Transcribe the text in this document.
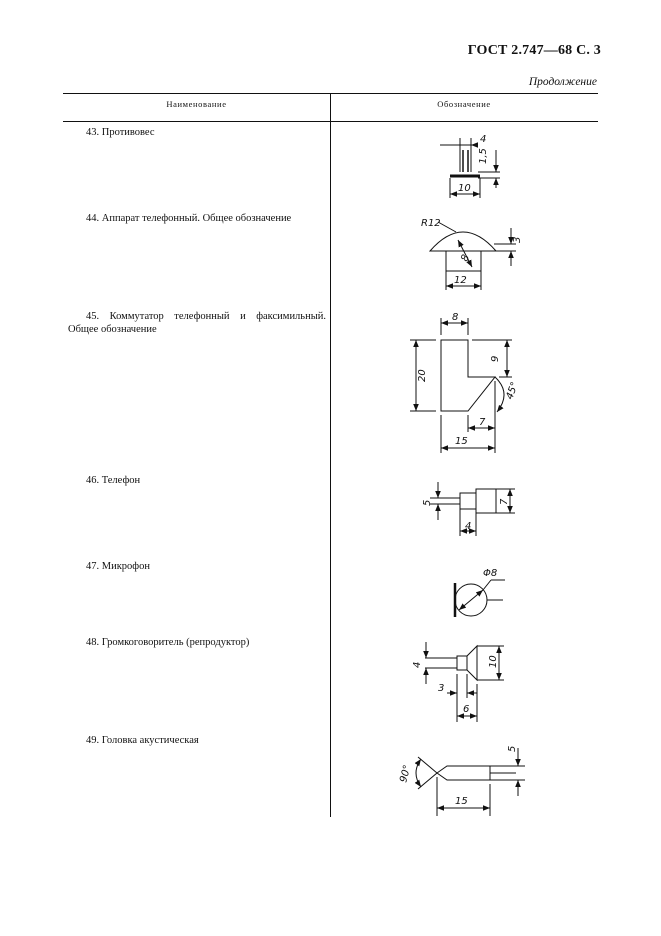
ГОСТ 2.747—68 С. 3
Продолжение
Наименование	Обозначение
43. Противовес
44. Аппарат телефонный. Общее обозначение
45. Коммутатор телефонный и факсимильный.
Общее обозначение
46. Телефон
47. Микрофон
48. Громкоговоритель (репродуктор)
49. Головка акустическая
4
1,5
10
R12
8
3
12
8
20
9
45°
7
15
5	7
4
Φ8
4	10
3
6
90°
5
15
